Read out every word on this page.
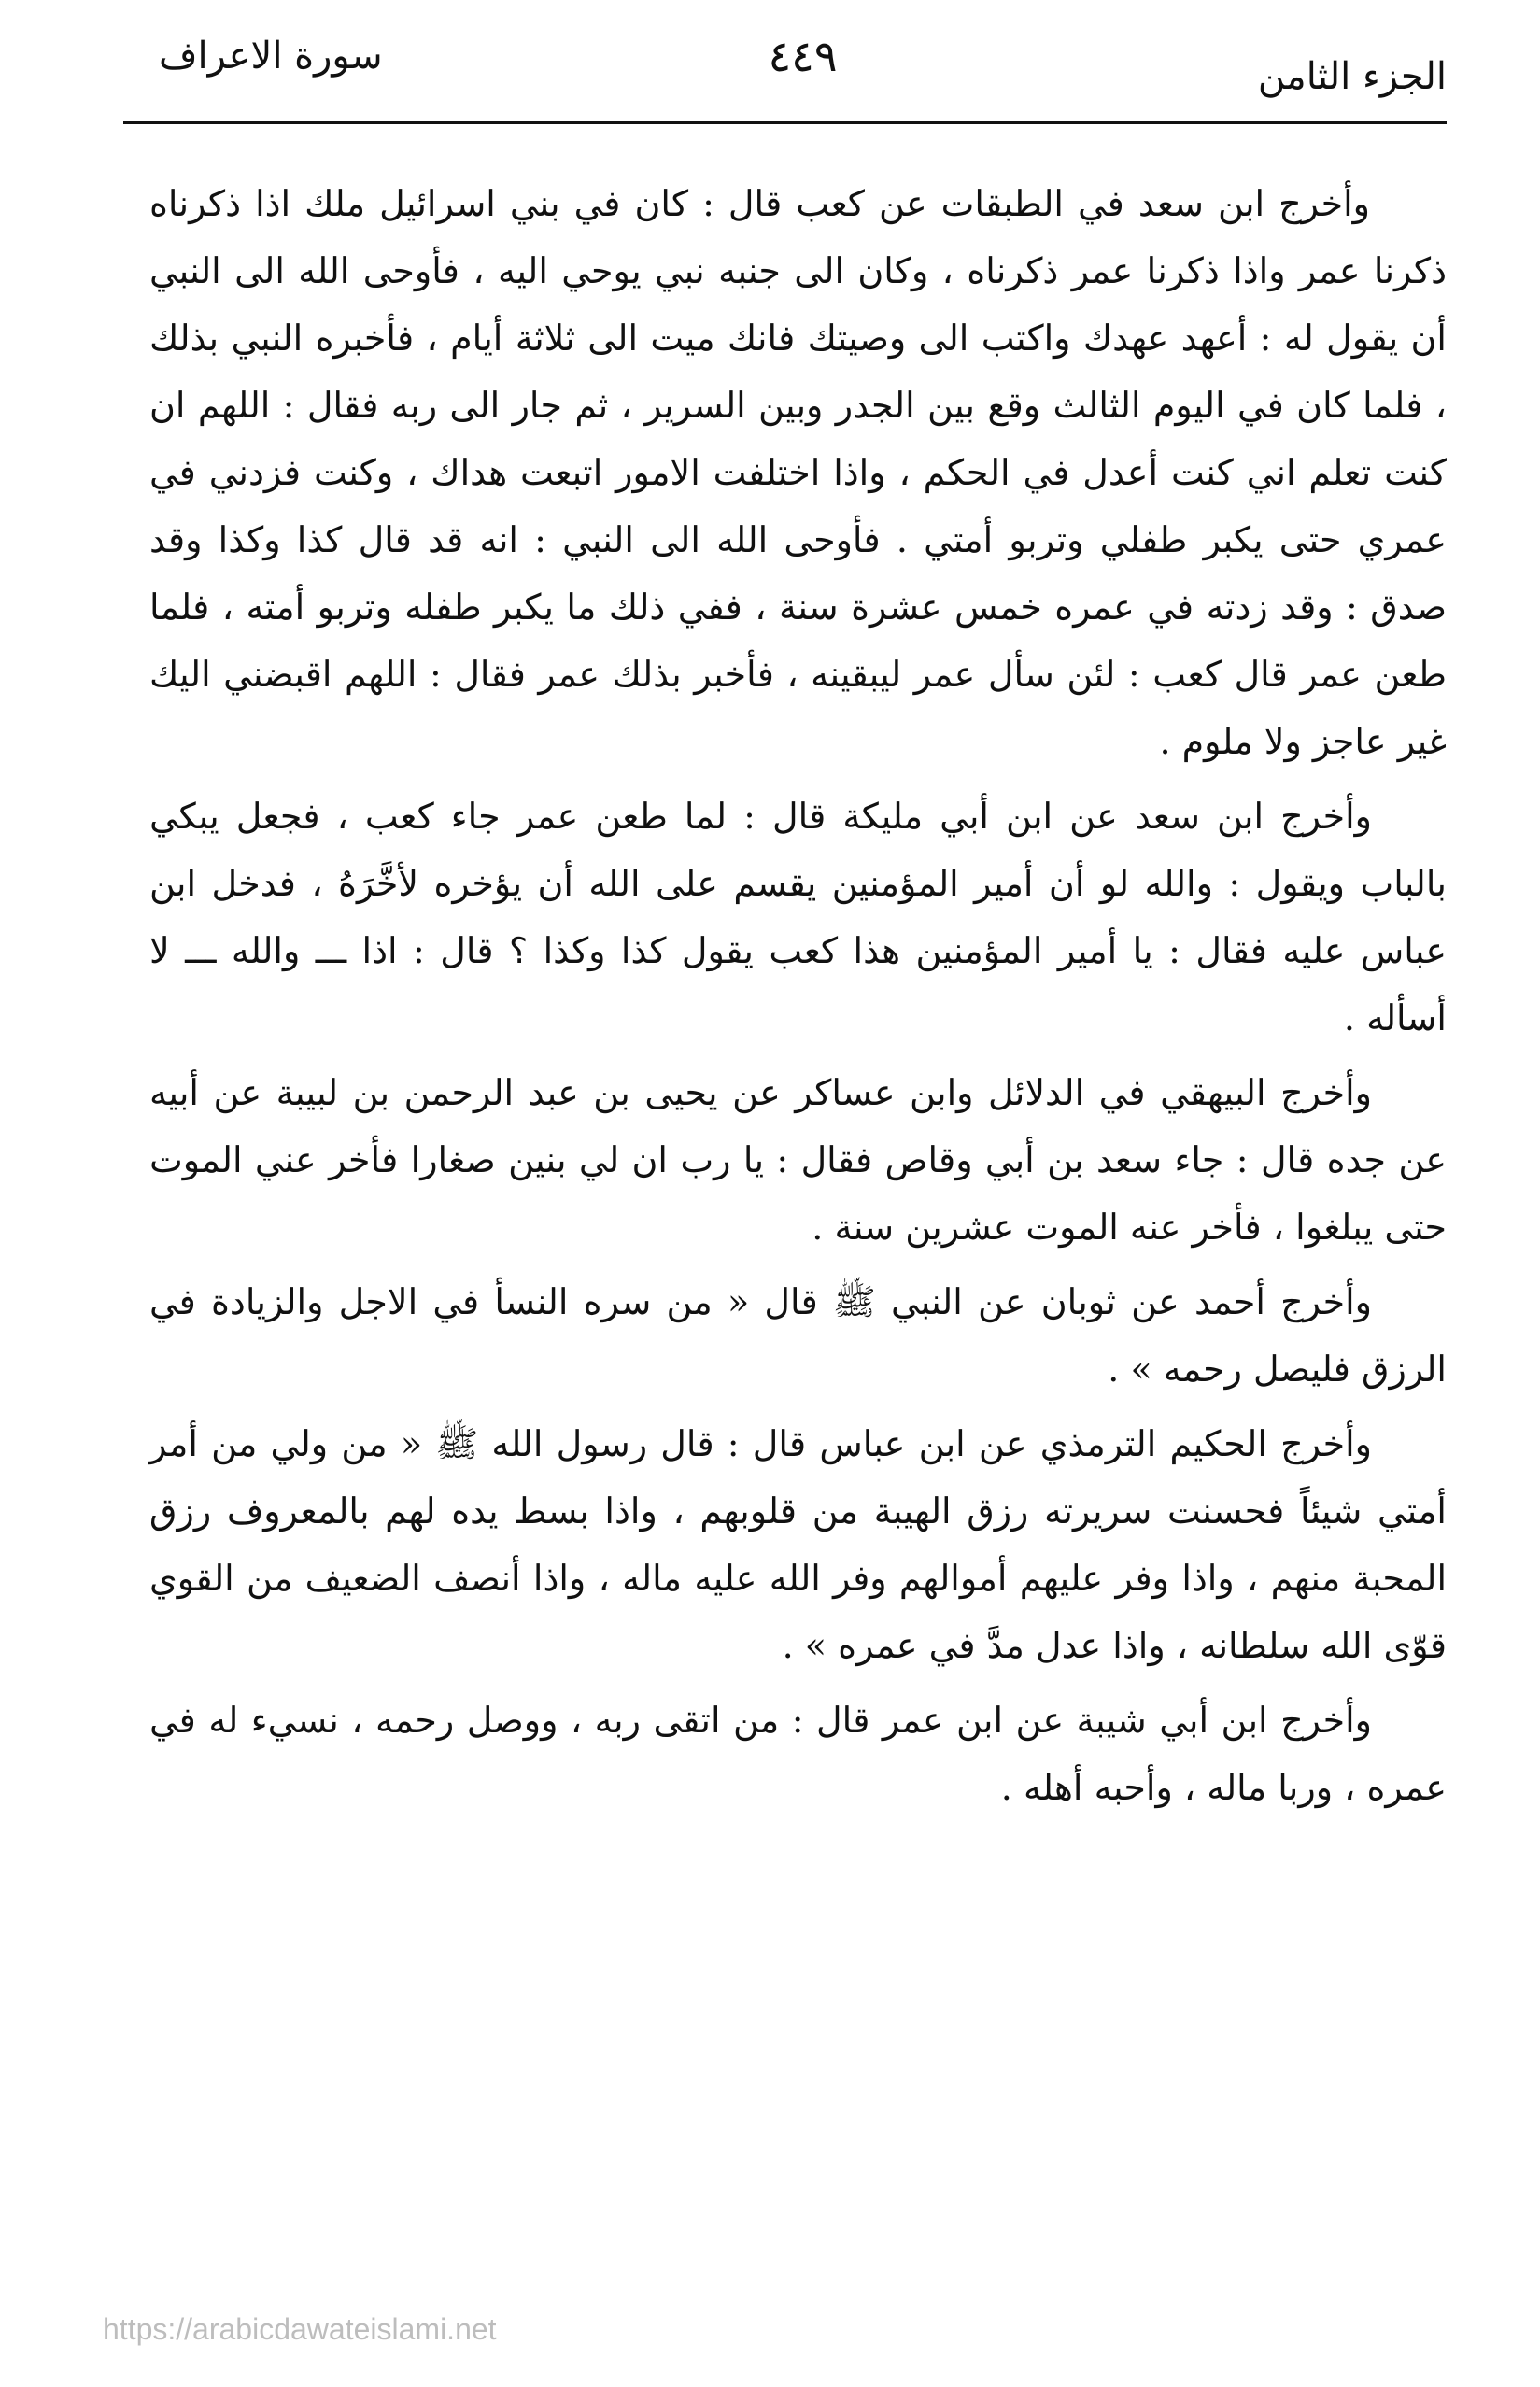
الجزء الثامن
٤٤٩
سورة الاعراف

وأخرج ابن سعد في الطبقات عن كعب قال : كان في بني اسرائيل ملك اذا ذكرناه ذكرنا عمر واذا ذكرنا عمر ذكرناه ، وكان الى جنبه نبي يوحي اليه ، فأوحى الله الى النبي أن يقول له : أعهد عهدك واكتب الى وصيتك فانك ميت الى ثلاثة أيام ، فأخبره النبي بذلك ، فلما كان في اليوم الثالث وقع بين الجدر وبين السرير ، ثم جار الى ربه فقال : اللهم ان كنت تعلم اني كنت أعدل في الحكم ، واذا اختلفت الامور اتبعت هداك ، وكنت فزدني في عمري حتى يكبر طفلي وتربو أمتي . فأوحى الله الى النبي : انه قد قال كذا وكذا وقد صدق : وقد زدته في عمره خمس عشرة سنة ، ففي ذلك ما يكبر طفله وتربو أمته ، فلما طعن عمر قال كعب : لئن سأل عمر ليبقينه ، فأخبر بذلك عمر فقال : اللهم اقبضني اليك غير عاجز ولا ملوم .

وأخرج ابن سعد عن ابن أبي مليكة قال : لما طعن عمر جاء كعب ، فجعل يبكي بالباب ويقول : والله لو أن أمير المؤمنين يقسم على الله أن يؤخره لأخَّرَهُ ، فدخل ابن عباس عليه فقال : يا أمير المؤمنين هذا كعب يقول كذا وكذا ؟ قال : اذا ـــ والله ـــ لا أسأله .

وأخرج البيهقي في الدلائل وابن عساكر عن يحيى بن عبد الرحمن بن لبيبة عن أبيه عن جده قال : جاء سعد بن أبي وقاص فقال : يا رب ان لي بنين صغارا فأخر عني الموت حتى يبلغوا ، فأخر عنه الموت عشرين سنة .

وأخرج أحمد عن ثوبان عن النبي ﷺ قال « من سره النسأ في الاجل والزيادة في الرزق فليصل رحمه » .

وأخرج الحكيم الترمذي عن ابن عباس قال : قال رسول الله ﷺ « من ولي من أمر أمتي شيئاً فحسنت سريرته رزق الهيبة من قلوبهم ، واذا بسط يده لهم بالمعروف رزق المحبة منهم ، واذا وفر عليهم أموالهم وفر الله عليه ماله ، واذا أنصف الضعيف من القوي قوّى الله سلطانه ، واذا عدل مدَّ في عمره » .

وأخرج ابن أبي شيبة عن ابن عمر قال : من اتقى ربه ، ووصل رحمه ، نسيء له في عمره ، وربا ماله ، وأحبه أهله .

https://arabicdawateislami.net
